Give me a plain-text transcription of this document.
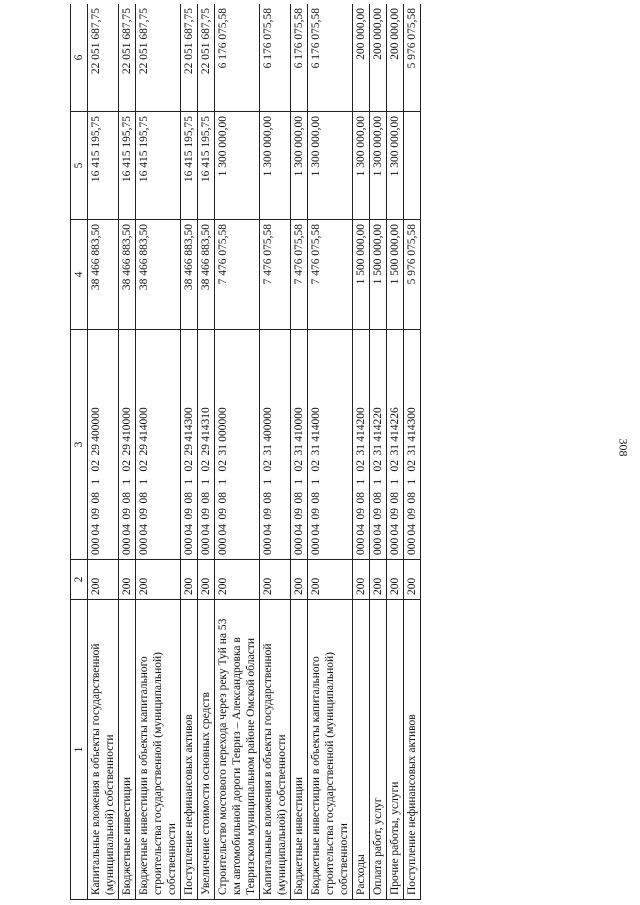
308
1	2	3	4	5	6
Капитальные вложения в объекты государственной (муниципальной) собственности	200	00004090810229400000	38 466 883,50	16 415 195,75	22 051 687,75
Бюджетные инвестиции	200	00004090810229410000	38 466 883,50	16 415 195,75	22 051 687,75
Бюджетные инвестиции в объекты капитального строительства государственной (муниципальной) собственности	200	00004090810229414000	38 466 883,50	16 415 195,75	22 051 687,75
Поступление нефинансовых активов	200	00004090810229414300	38 466 883,50	16 415 195,75	22 051 687,75
Увеличение стоимости основных средств	200	00004090810229414310	38 466 883,50	16 415 195,75	22 051 687,75
Строительство мостового перехода через реку Туй на 53 км автомобильной дороги Тевриз – Александровка в Тевризском муниципальном районе Омской области	200	00004090810231000000	7 476 075,58	1 300 000,00	6 176 075,58
Капитальные вложения в объекты государственной (муниципальной) собственности	200	00004090810231400000	7 476 075,58	1 300 000,00	6 176 075,58
Бюджетные инвестиции	200	00004090810231410000	7 476 075,58	1 300 000,00	6 176 075,58
Бюджетные инвестиции в объекты капитального строительства государственной (муниципальной) собственности	200	00004090810231414000	7 476 075,58	1 300 000,00	6 176 075,58
Расходы	200	00004090810231414200	1 500 000,00	1 300 000,00	200 000,00
Оплата работ, услуг	200	00004090810231414220	1 500 000,00	1 300 000,00	200 000,00
Прочие работы, услуги	200	00004090810231414226	1 500 000,00	1 300 000,00	200 000,00
Поступление нефинансовых активов	200	00004090810231414300	5 976 075,58		5 976 075,58
